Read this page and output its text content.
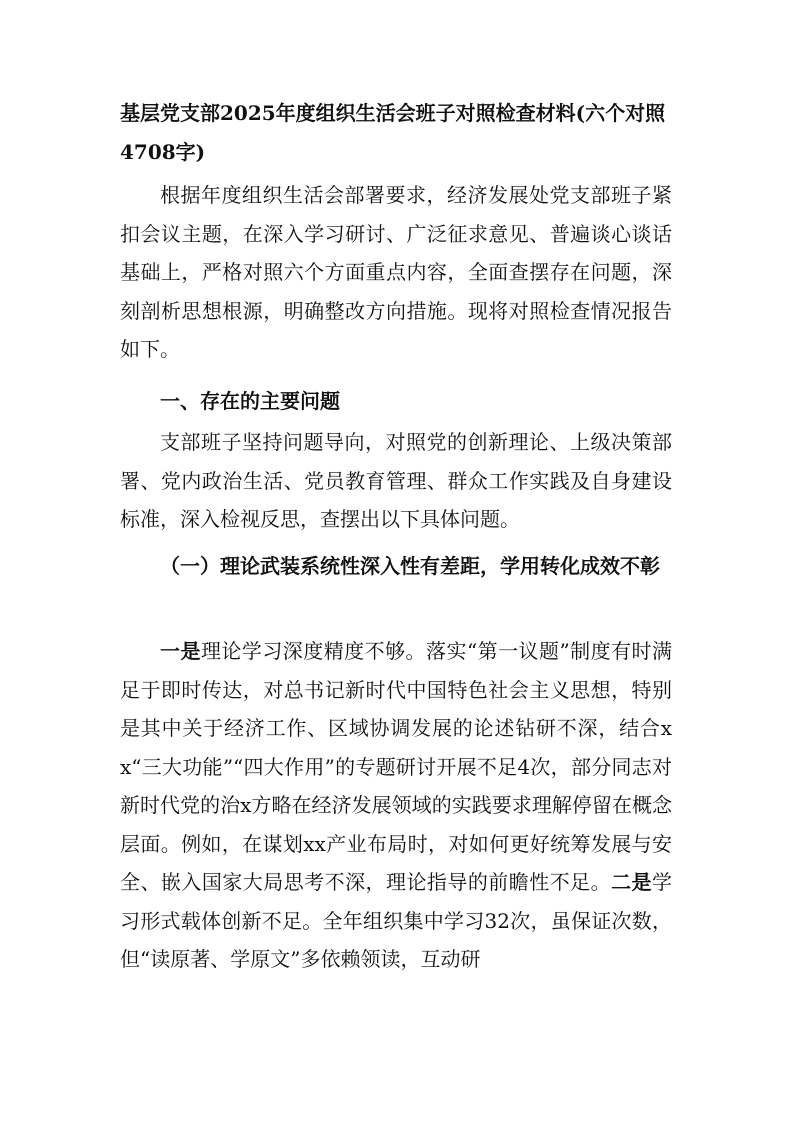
基层党支部2025年度组织生活会班子对照检查材料(六个对照4708字)

根据年度组织生活会部署要求，经济发展处党支部班子紧扣会议主题，在深入学习研讨、广泛征求意见、普遍谈心谈话基础上，严格对照六个方面重点内容，全面查摆存在问题，深刻剖析思想根源，明确整改方向措施。现将对照检查情况报告如下。

一、存在的主要问题

支部班子坚持问题导向，对照党的创新理论、上级决策部署、党内政治生活、党员教育管理、群众工作实践及自身建设标准，深入检视反思，查摆出以下具体问题。

（一）理论武装系统性深入性有差距，学用转化成效不彰

一是理论学习深度精度不够。落实“第一议题”制度有时满足于即时传达，对总书记新时代中国特色社会主义思想，特别是其中关于经济工作、区域协调发展的论述钻研不深，结合xx“三大功能”“四大作用”的专题研讨开展不足4次，部分同志对新时代党的治x方略在经济发展领域的实践要求理解停留在概念层面。例如，在谋划xx产业布局时，对如何更好统筹发展与安全、嵌入国家大局思考不深，理论指导的前瞻性不足。二是学习形式载体创新不足。全年组织集中学习32次，虽保证次数，但“读原著、学原文”多依赖领读，互动研
